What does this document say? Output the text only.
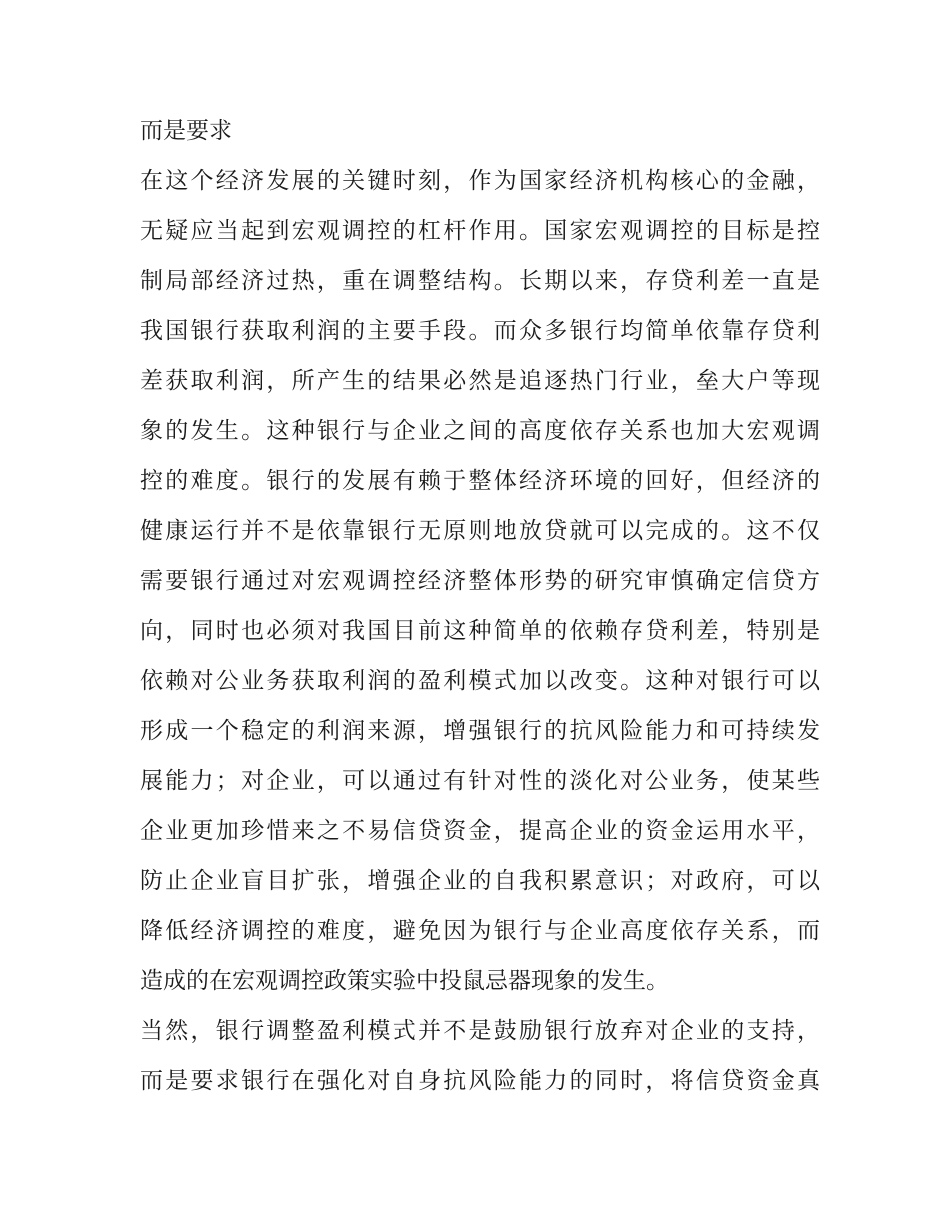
而是要求
在这个经济发展的关键时刻，作为国家经济机构核心的金融，
无疑应当起到宏观调控的杠杆作用。国家宏观调控的目标是控
制局部经济过热，重在调整结构。长期以来，存贷利差一直是
我国银行获取利润的主要手段。而众多银行均简单依靠存贷利
差获取利润，所产生的结果必然是追逐热门行业，垒大户等现
象的发生。这种银行与企业之间的高度依存关系也加大宏观调
控的难度。银行的发展有赖于整体经济环境的回好，但经济的
健康运行并不是依靠银行无原则地放贷就可以完成的。这不仅
需要银行通过对宏观调控经济整体形势的研究审慎确定信贷方
向，同时也必须对我国目前这种简单的依赖存贷利差，特别是
依赖对公业务获取利润的盈利模式加以改变。这种对银行可以
形成一个稳定的利润来源，增强银行的抗风险能力和可持续发
展能力；对企业，可以通过有针对性的淡化对公业务，使某些
企业更加珍惜来之不易信贷资金，提高企业的资金运用水平，
防止企业盲目扩张，增强企业的自我积累意识；对政府，可以
降低经济调控的难度，避免因为银行与企业高度依存关系，而
造成的在宏观调控政策实验中投鼠忌器现象的发生。
当然，银行调整盈利模式并不是鼓励银行放弃对企业的支持，
而是要求银行在强化对自身抗风险能力的同时，将信贷资金真
